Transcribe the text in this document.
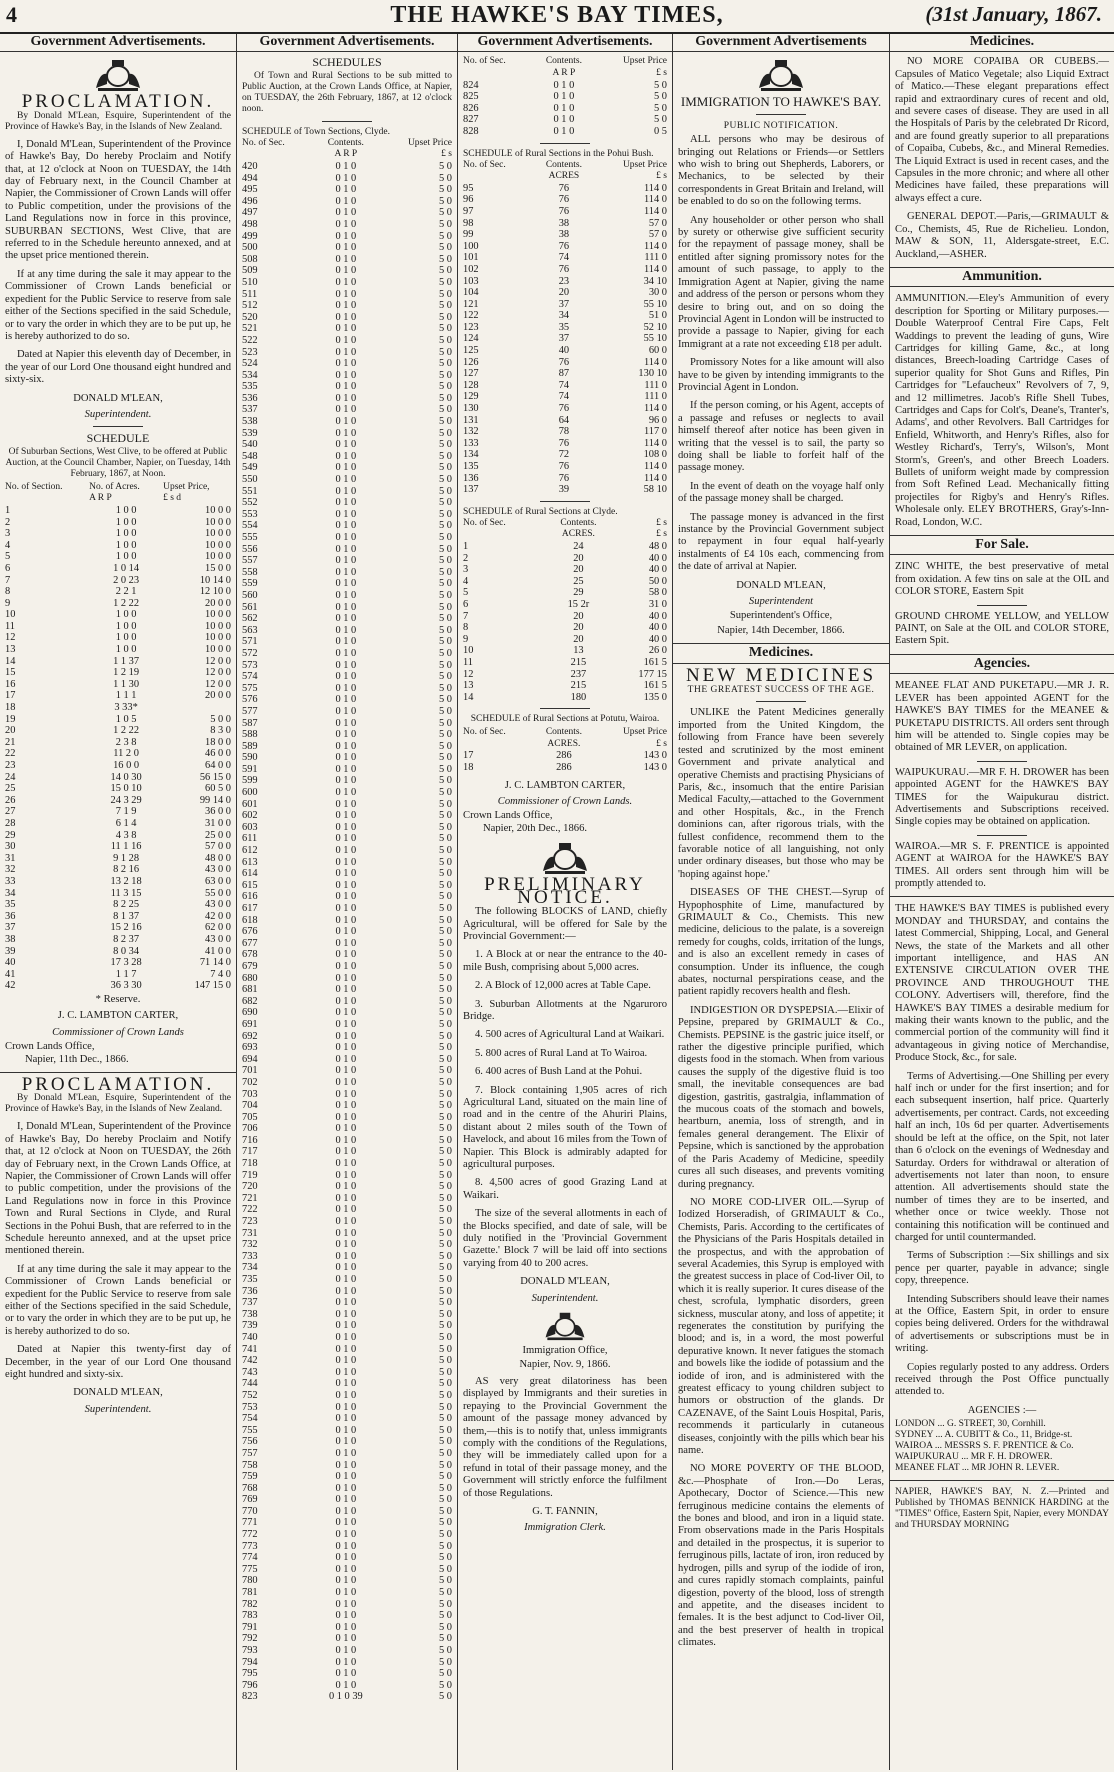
4	THE HAWKE'S BAY TIMES,	(31st January, 1867.
Government Advertisements.
PROCLAMATION.

By Donald M'Lean, Esquire, Superintendent of the Province of Hawke's Bay, in the Islands of New Zealand.

I, Donald M'Lean, Superintendent of the Province of Hawke's Bay, Do hereby Proclaim and Notify that, at 12 o'clock at Noon on TUESDAY, the 14th day of February next, in the Council Chamber at Napier, the Commissioner of Crown Lands will offer to Public competition, under the provisions of the Land Regulations now in force in this province, SUBURBAN SECTIONS, West Clive, that are referred to in the Schedule hereunto annexed, and at the upset price mentioned therein.

If at any time during the sale it may appear to the Commissioner of Crown Lands beneficial or expedient for the Public Service to reserve from sale either of the Sections specified in the said Schedule, or to vary the order in which they are to be put up, he is hereby authorized to do so.

Dated at Napier this eleventh day of December, in the year of our Lord One thousand eight hundred and sixty-six.

DONALD M'LEAN,
Superintendent.
SCHEDULE

Of Suburban Sections, West Clive, to be offered at Public Auction, at the Council Chamber, Napier, on Tuesday, 14th February, 1867, at Noon.

No. of Section.	No. of Acres.	Upset Price,
	A R P	£ s d
1	1 0 0	10 0 0
2	1 0 0	10 0 0
3	1 0 0	10 0 0
4	1 0 0	10 0 0
5	1 0 0	10 0 0
6	1 0 14	15 0 0
7	2 0 23	10 14 0
8	2 2 1	12 10 0
9	1 2 22	20 0 0
10	1 0 0	10 0 0
11	1 0 0	10 0 0
12	1 0 0	10 0 0
13	1 0 0	10 0 0
14	1 1 37	12 0 0
15	1 2 19	12 0 0
16	1 1 30	12 0 0
17	1 1 1	20 0 0
18	3 33*	
19	1 0 5	5 0 0
20	1 2 22	8 3 0
21	2 3 8	18 0 0
22	11 2 0	46 0 0
23	16 0 0	64 0 0
24	14 0 30	56 15 0
25	15 0 10	60 5 0
26	24 3 29	99 14 0
27	7 1 9	36 0 0
28	6 1 4	31 0 0
29	4 3 8	25 0 0
30	11 1 16	57 0 0
31	9 1 28	48 0 0
32	8 2 16	43 0 0
33	13 2 18	63 0 0
34	11 3 15	55 0 0
35	8 2 25	43 0 0
36	8 1 37	42 0 0
37	15 2 16	62 0 0
38	8 2 37	43 0 0
39	8 0 34	41 0 0
40	17 3 28	71 14 0
41	1 1 7	7 4 0
42	36 3 30	147 15 0
* Reserve.
J. C. LAMBTON CARTER,
Commissioner of Crown Lands
Crown Lands Office,
Napier, 11th Dec., 1866.
PROCLAMATION.

By Donald M'Lean, Esquire, Superintendent of the Province of Hawke's Bay, in the Islands of New Zealand.

I, Donald M'Lean, Superintendent of the Province of Hawke's Bay, Do hereby Proclaim and Notify that, at 12 o'clock at Noon on TUESDAY, the 26th day of February next, in the Crown Lands Office, at Napier, the Commissioner of Crown Lands will offer to public competition, under the provisions of the Land Regulations now in force in this Province Town and Rural Sections in Clyde, and Rural Sections in the Pohui Bush, that are referred to in the Schedule hereunto annexed, and at the upset price mentioned therein.

If at any time during the sale it may appear to the Commissioner of Crown Lands beneficial or expedient for the Public Service to reserve from sale either of the Sections specified in the said Schedule, or to vary the order in which they are to be put up, he is hereby authorized to do so.

Dated at Napier this twenty-first day of December, in the year of our Lord One thousand eight hundred and sixty-six.

DONALD M'LEAN,
Superintendent.
Government Advertisements.
SCHEDULES

Of Town and Rural Sections to be sub mitted to Public Auction, at the Crown Lands Office, at Napier, on TUESDAY, the 26th February, 1867, at 12 o'clock noon.

SCHEDULE of Town Sections, Clyde.
No. of Sec.	Contents.	Upset Price
	A R P	£ s
420	0 1 0	5 0
494	0 1 0	5 0
495	0 1 0	5 0
496	0 1 0	5 0
497	0 1 0	5 0
498	0 1 0	5 0
499	0 1 0	5 0
500	0 1 0	5 0
508	0 1 0	5 0
509	0 1 0	5 0
510	0 1 0	5 0
511	0 1 0	5 0
512	0 1 0	5 0
520	0 1 0	5 0
521	0 1 0	5 0
522	0 1 0	5 0
523	0 1 0	5 0
524	0 1 0	5 0
534	0 1 0	5 0
535	0 1 0	5 0
536	0 1 0	5 0
537	0 1 0	5 0
538	0 1 0	5 0
539	0 1 0	5 0
540	0 1 0	5 0
548	0 1 0	5 0
549	0 1 0	5 0
550	0 1 0	5 0
551	0 1 0	5 0
552	0 1 0	5 0
553	0 1 0	5 0
554	0 1 0	5 0
555	0 1 0	5 0
556	0 1 0	5 0
557	0 1 0	5 0
558	0 1 0	5 0
559	0 1 0	5 0
560	0 1 0	5 0
561	0 1 0	5 0
562	0 1 0	5 0
563	0 1 0	5 0
571	0 1 0	5 0
572	0 1 0	5 0
573	0 1 0	5 0
574	0 1 0	5 0
575	0 1 0	5 0
576	0 1 0	5 0
577	0 1 0	5 0
587	0 1 0	5 0
588	0 1 0	5 0
589	0 1 0	5 0
590	0 1 0	5 0
591	0 1 0	5 0
599	0 1 0	5 0
600	0 1 0	5 0
601	0 1 0	5 0
602	0 1 0	5 0
603	0 1 0	5 0
611	0 1 0	5 0
612	0 1 0	5 0
613	0 1 0	5 0
614	0 1 0	5 0
615	0 1 0	5 0
616	0 1 0	5 0
617	0 1 0	5 0
618	0 1 0	5 0
676	0 1 0	5 0
677	0 1 0	5 0
678	0 1 0	5 0
679	0 1 0	5 0
680	0 1 0	5 0
681	0 1 0	5 0
682	0 1 0	5 0
690	0 1 0	5 0
691	0 1 0	5 0
692	0 1 0	5 0
693	0 1 0	5 0
694	0 1 0	5 0
701	0 1 0	5 0
702	0 1 0	5 0
703	0 1 0	5 0
704	0 1 0	5 0
705	0 1 0	5 0
706	0 1 0	5 0
716	0 1 0	5 0
717	0 1 0	5 0
718	0 1 0	5 0
719	0 1 0	5 0
720	0 1 0	5 0
721	0 1 0	5 0
722	0 1 0	5 0
723	0 1 0	5 0
731	0 1 0	5 0
732	0 1 0	5 0
733	0 1 0	5 0
734	0 1 0	5 0
735	0 1 0	5 0
736	0 1 0	5 0
737	0 1 0	5 0
738	0 1 0	5 0
739	0 1 0	5 0
740	0 1 0	5 0
741	0 1 0	5 0
742	0 1 0	5 0
743	0 1 0	5 0
744	0 1 0	5 0
752	0 1 0	5 0
753	0 1 0	5 0
754	0 1 0	5 0
755	0 1 0	5 0
756	0 1 0	5 0
757	0 1 0	5 0
758	0 1 0	5 0
759	0 1 0	5 0
768	0 1 0	5 0
769	0 1 0	5 0
770	0 1 0	5 0
771	0 1 0	5 0
772	0 1 0	5 0
773	0 1 0	5 0
774	0 1 0	5 0
775	0 1 0	5 0
780	0 1 0	5 0
781	0 1 0	5 0
782	0 1 0	5 0
783	0 1 0	5 0
791	0 1 0	5 0
792	0 1 0	5 0
793	0 1 0	5 0
794	0 1 0	5 0
795	0 1 0	5 0
796	0 1 0	5 0
823	0 1 0 39	5 0
Government Advertisements.
No. of Sec.	Contents.	Upset Price
	A R P	£ s
824	0 1 0	5 0
825	0 1 0	5 0
826	0 1 0	5 0
827	0 1 0	5 0
828	0 1 0	0 5
SCHEDULE of Rural Sections in the Pohui Bush.
No. of Sec.	Contents.	Upset Price
	ACRES	£ s
95	76	114 0
96	76	114 0
97	76	114 0
98	38	57 0
99	38	57 0
100	76	114 0
101	74	111 0
102	76	114 0
103	23	34 10
104	20	30 0
121	37	55 10
122	34	51 0
123	35	52 10
124	37	55 10
125	40	60 0
126	76	114 0
127	87	130 10
128	74	111 0
129	74	111 0
130	76	114 0
131	64	96 0
132	78	117 0
133	76	114 0
134	72	108 0
135	76	114 0
136	76	114 0
137	39	58 10
SCHEDULE of Rural Sections at Clyde.
No. of Sec.	Contents.	£ s
	ACRES.	£ s
1	24	48 0
2	20	40 0
3	20	40 0
4	25	50 0
5	29	58 0
6	15 2r	31 0
7	20	40 0
8	20	40 0
9	20	40 0
10	13	26 0
11	215	161 5
12	237	177 15
13	215	161 5
14	180	135 0
SCHEDULE of Rural Sections at Potutu, Wairoa.
No. of Sec.	Contents.	Upset Price
	ACRES.	£ s
17	286	143 0
18	286	143 0
J. C. LAMBTON CARTER,
Commissioner of Crown Lands.
Crown Lands Office,
Napier, 20th Dec., 1866.
PRELIMINARY NOTICE.

The following BLOCKS of LAND, chiefly Agricultural, will be offered for Sale by the Provincial Government:—

1. A Block at or near the entrance to the 40-mile Bush, comprising about 5,000 acres.

2. A Block of 12,000 acres at Table Cape.

3. Suburban Allotments at the Ngaruroro Bridge.

4. 500 acres of Agricultural Land at Waikari.

5. 800 acres of Rural Land at To Wairoa.

6. 400 acres of Bush Land at the Pohui.

7. Block containing 1,905 acres of rich Agricultural Land, situated on the main line of road and in the centre of the Ahuriri Plains, distant about 2 miles south of the Town of Havelock, and about 16 miles from the Town of Napier. This Block is admirably adapted for agricultural purposes.

8. 4,500 acres of good Grazing Land at Waikari.

The size of the several allotments in each of the Blocks specified, and date of sale, will be duly notified in the 'Provincial Government Gazette.' Block 7 will be laid off into sections varying from 40 to 200 acres.

DONALD M'LEAN,
Superintendent.
Immigration Office,
Napier, Nov. 9, 1866.

AS very great dilatoriness has been displayed by Immigrants and their sureties in repaying to the Provincial Government the amount of the passage money advanced by them,—this is to notify that, unless immigrants comply with the conditions of the Regulations, they will be immediately called upon for a refund in total of their passage money, and the Government will strictly enforce the fulfilment of those Regulations.

G. T. FANNIN,
Immigration Clerk.
Government Advertisements
IMMIGRATION TO HAWKE'S BAY.
PUBLIC NOTIFICATION.

ALL persons who may be desirous of bringing out Relations or Friends—or Settlers who wish to bring out Shepherds, Laborers, or Mechanics, to be selected by their correspondents in Great Britain and Ireland, will be enabled to do so on the following terms.

Any householder or other person who shall by surety or otherwise give sufficient security for the repayment of passage money, shall be entitled after signing promissory notes for the amount of such passage, to apply to the Immigration Agent at Napier, giving the name and address of the person or persons whom they desire to bring out, and on so doing the Provincial Agent in London will be instructed to provide a passage to Napier, giving for each Immigrant at a rate not exceeding £18 per adult.

Promissory Notes for a like amount will also have to be given by intending immigrants to the Provincial Agent in London.

If the person coming, or his Agent, accepts of a passage and refuses or neglects to avail himself thereof after notice has been given in writing that the vessel is to sail, the party so doing shall be liable to forfeit half of the passage money.

In the event of death on the voyage half only of the passage money shall be charged.

The passage money is advanced in the first instance by the Provincial Government subject to repayment in four equal half-yearly instalments of £4 10s each, commencing from the date of arrival at Napier.

DONALD M'LEAN,
Superintendent
Superintendent's Office,
Napier, 14th December, 1866.
Medicines.
NEW MEDICINES
THE GREATEST SUCCESS OF THE AGE.

UNLIKE the Patent Medicines generally imported from the United Kingdom, the following from France have been severely tested and scrutinized by the most eminent Government and private analytical and operative Chemists and practising Physicians of Paris, &c., insomuch that the entire Parisian Medical Faculty,—attached to the Government and other Hospitals, &c., in the French dominions can, after rigorous trials, with the fullest confidence, recommend them to the favorable notice of all languishing, not only under ordinary diseases, but those who may be 'hoping against hope.'

DISEASES OF THE CHEST.—Syrup of Hypophosphite of Lime, manufactured by GRIMAULT & Co., Chemists. This new medicine, delicious to the palate, is a sovereign remedy for coughs, colds, irritation of the lungs, and is also an excellent remedy in cases of consumption. Under its influence, the cough abates, nocturnal perspirations cease, and the patient rapidly recovers health and flesh.

INDIGESTION OR DYSPEPSIA.—Elixir of Pepsine, prepared by GRIMAULT & Co., Chemists. PEPSINE is the gastric juice itself, or rather the digestive principle purified, which digests food in the stomach. When from various causes the supply of the digestive fluid is too small, the inevitable consequences are bad digestion, gastritis, gastralgia, inflammation of the mucous coats of the stomach and bowels, heartburn, anemia, loss of strength, and in females general derangement. The Elixir of Pepsine, which is sanctioned by the approbation of the Paris Academy of Medicine, speedily cures all such diseases, and prevents vomiting during pregnancy.

NO MORE COD-LIVER OIL.—Syrup of Iodized Horseradish, of GRIMAULT & Co., Chemists, Paris. According to the certificates of the Physicians of the Paris Hospitals detailed in the prospectus, and with the approbation of several Academies, this Syrup is employed with the greatest success in place of Cod-liver Oil, to which it is really superior. It cures disease of the chest, scrofula, lymphatic disorders, green sickness, muscular atony, and loss of appetite; it regenerates the constitution by purifying the blood; and is, in a word, the most powerful depurative known. It never fatigues the stomach and bowels like the iodide of potassium and the iodide of iron, and is administered with the greatest efficacy to young children subject to humors or obstruction of the glands. Dr CAZENAVE, of the Saint Louis Hospital, Paris, recommends it particularly in cutaneous diseases, conjointly with the pills which bear his name.

NO MORE POVERTY OF THE BLOOD, &c.—Phosphate of Iron.—Do Leras, Apothecary, Doctor of Science.—This new ferruginous medicine contains the elements of the bones and blood, and iron in a liquid state. From observations made in the Paris Hospitals and detailed in the prospectus, it is superior to ferruginous pills, lactate of iron, iron reduced by hydrogen, pills and syrup of the iodide of iron, and cures rapidly stomach complaints, painful digestion, poverty of the blood, loss of strength and appetite, and the diseases incident to females. It is the best adjunct to Cod-liver Oil, and the best preserver of health in tropical climates.

Medicines.

NO MORE COPAIBA OR CUBEBS.—Capsules of Matico Vegetale; also Liquid Extract of Matico.—These elegant preparations effect rapid and extraordinary cures of recent and old, and severe cases of disease. They are used in all the Hospitals of Paris by the celebrated Dr Ricord, and are found greatly superior to all preparations of Copaiba, Cubebs, &c., and Mineral Remedies. The Liquid Extract is used in recent cases, and the Capsules in the more chronic; and where all other Medicines have failed, these preparations will always effect a cure.

GENERAL DEPOT.—Paris,—GRIMAULT & Co., Chemists, 45, Rue de Richelieu. London, MAW & SON, 11, Aldersgate-street, E.C. Auckland,—ASHER.

Ammunition.

AMMUNITION.—Eley's Ammunition of every description for Sporting or Military purposes.—Double Waterproof Central Fire Caps, Felt Waddings to prevent the leading of guns, Wire Cartridges for killing Game, &c., at long distances, Breech-loading Cartridge Cases of superior quality for Shot Guns and Rifles, Pin Cartridges for "Lefaucheux" Revolvers of 7, 9, and 12 millimetres. Jacob's Rifle Shell Tubes, Cartridges and Caps for Colt's, Deane's, Tranter's, Adams', and other Revolvers. Ball Cartridges for Enfield, Whitworth, and Henry's Rifles, also for Westley Richard's, Terry's, Wilson's, Mont Storm's, Green's, and other Breech Loaders. Bullets of uniform weight made by compression from Soft Refined Lead. Mechanically fitting projectiles for Rigby's and Henry's Rifles. Wholesale only. ELEY BROTHERS, Gray's-Inn-Road, London, W.C.

For Sale.

ZINC WHITE, the best preservative of metal from oxidation. A few tins on sale at the OIL and COLOR STORE, Eastern Spit

GROUND CHROME YELLOW, and YELLOW PAINT, on Sale at the OIL and COLOR STORE, Eastern Spit.

Agencies.

MEANEE FLAT AND PUKETAPU.—MR J. R. LEVER has been appointed AGENT for the HAWKE'S BAY TIMES for the MEANEE & PUKETAPU DISTRICTS. All orders sent through him will be attended to. Single copies may be obtained of MR LEVER, on application.

WAIPUKURAU.—MR F. H. DROWER has been appointed AGENT for the HAWKE'S BAY TIMES for the Waipukurau district. Advertisements and Subscriptions received. Single copies may be obtained on application.

WAIROA.—MR S. F. PRENTICE is appointed AGENT at WAIROA for the HAWKE'S BAY TIMES. All orders sent through him will be promptly attended to.

THE HAWKE'S BAY TIMES is published every MONDAY and THURSDAY, and contains the latest Commercial, Shipping, Local, and General News, the state of the Markets and all other important intelligence, and HAS AN EXTENSIVE CIRCULATION OVER THE PROVINCE AND THROUGHOUT THE COLONY. Advertisers will, therefore, find the HAWKE'S BAY TIMES a desirable medium for making their wants known to the public, and the commercial portion of the community will find it advantageous in giving notice of Merchandise, Produce Stock, &c., for sale.

Terms of Advertising.—One Shilling per every half inch or under for the first insertion; and for each subsequent insertion, half price. Quarterly advertisements, per contract. Cards, not exceeding half an inch, 10s 6d per quarter. Advertisements should be left at the office, on the Spit, not later than 6 o'clock on the evenings of Wednesday and Saturday. Orders for withdrawal or alteration of advertisements not later than noon, to ensure attention. All advertisements should state the number of times they are to be inserted, and whether once or twice weekly. Those not containing this notification will be continued and charged for until countermanded.

Terms of Subscription :—Six shillings and six pence per quarter, payable in advance; single copy, threepence.

Intending Subscribers should leave their names at the Office, Eastern Spit, in order to ensure copies being delivered. Orders for the withdrawal of advertisements or subscriptions must be in writing.

Copies regularly posted to any address. Orders received through the Post Office punctually attended to.

AGENCIES :—
LONDON ... G. STREET, 30, Cornhill.
SYDNEY ... A. CUBITT & Co., 11, Bridge-st.
WAIROA ... MESSRS S. F. PRENTICE & Co.
WAIPUKURAU ... MR F. H. DROWER.
MEANEE FLAT ... MR JOHN R. LEVER.

NAPIER, HAWKE'S BAY, N. Z.—Printed and Published by THOMAS BENNICK HARDING at the "TIMES" Office, Eastern Spit, Napier, every MONDAY and THURSDAY MORNING
